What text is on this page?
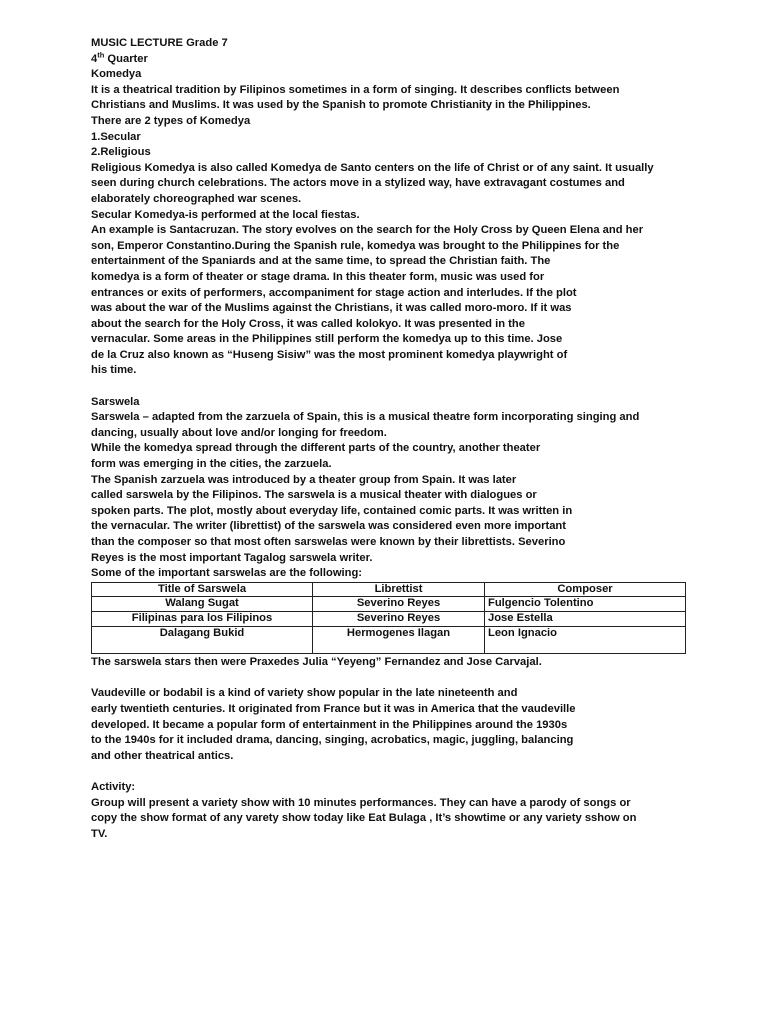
MUSIC LECTURE Grade 7

4th Quarter

Komedya

It is a theatrical tradition by Filipinos sometimes in a form of singing. It describes conflicts between

Christians and Muslims. It was used by the Spanish to promote Christianity in the Philippines.

There are 2 types of Komedya

1.Secular

2.Religious

Religious Komedya is also called Komedya de Santo centers on the life of Christ or of any saint. It usually

seen during church celebrations. The actors move in a stylized way, have extravagant costumes and

elaborately choreographed war scenes.

Secular Komedya-is performed at the local fiestas.

An example is Santacruzan. The story evolves on the search for the Holy Cross by Queen Elena and her

son, Emperor Constantino.During the Spanish rule, komedya was brought to the Philippines for the

entertainment of the Spaniards and at the same time, to spread the Christian faith. The

komedya is a form of theater or stage drama. In this theater form, music was used for

entrances or exits of performers, accompaniment for stage action and interludes. If the plot

was about the war of the Muslims against the Christians, it was called moro-moro. If it was

about the search for the Holy Cross, it was called kolokyo. It was presented in the

vernacular. Some areas in the Philippines still perform the komedya up to this time. Jose

de la Cruz also known as “Huseng Sisiw” was the most prominent komedya playwright of

his time.

Sarswela

Sarswela – adapted from the zarzuela of Spain, this is a musical theatre form incorporating singing and

dancing, usually about love and/or longing for freedom.

While the komedya spread through the different parts of the country, another theater

form was emerging in the cities, the zarzuela.

The Spanish zarzuela was introduced by a theater group from Spain. It was later

called sarswela by the Filipinos. The sarswela is a musical theater with dialogues or

spoken parts. The plot, mostly about everyday life, contained comic parts. It was written in

the vernacular. The writer (librettist) of the sarswela was considered even more important

than the composer so that most often sarswelas were known by their librettists. Severino

Reyes is the most important Tagalog sarswela writer.

Some of the important sarswelas are the following:

Title of Sarswela	Librettist	Composer
Walang Sugat	Severino Reyes	Fulgencio Tolentino
Filipinas para los Filipinos	Severino Reyes	Jose Estella
Dalagang Bukid	Hermogenes Ilagan	Leon Ignacio

The sarswela stars then were Praxedes Julia “Yeyeng” Fernandez and Jose Carvajal.

Vaudeville or bodabil is a kind of variety show popular in the late nineteenth and

early twentieth centuries. It originated from France but it was in America that the vaudeville

developed. It became a popular form of entertainment in the Philippines around the 1930s

to the 1940s for it included drama, dancing, singing, acrobatics, magic, juggling, balancing

and other theatrical antics.

Activity:

Group will present a variety show with 10 minutes performances. They can have a parody of songs or

copy the show format of any varety show today like Eat Bulaga , It’s showtime or any variety sshow on

TV.
